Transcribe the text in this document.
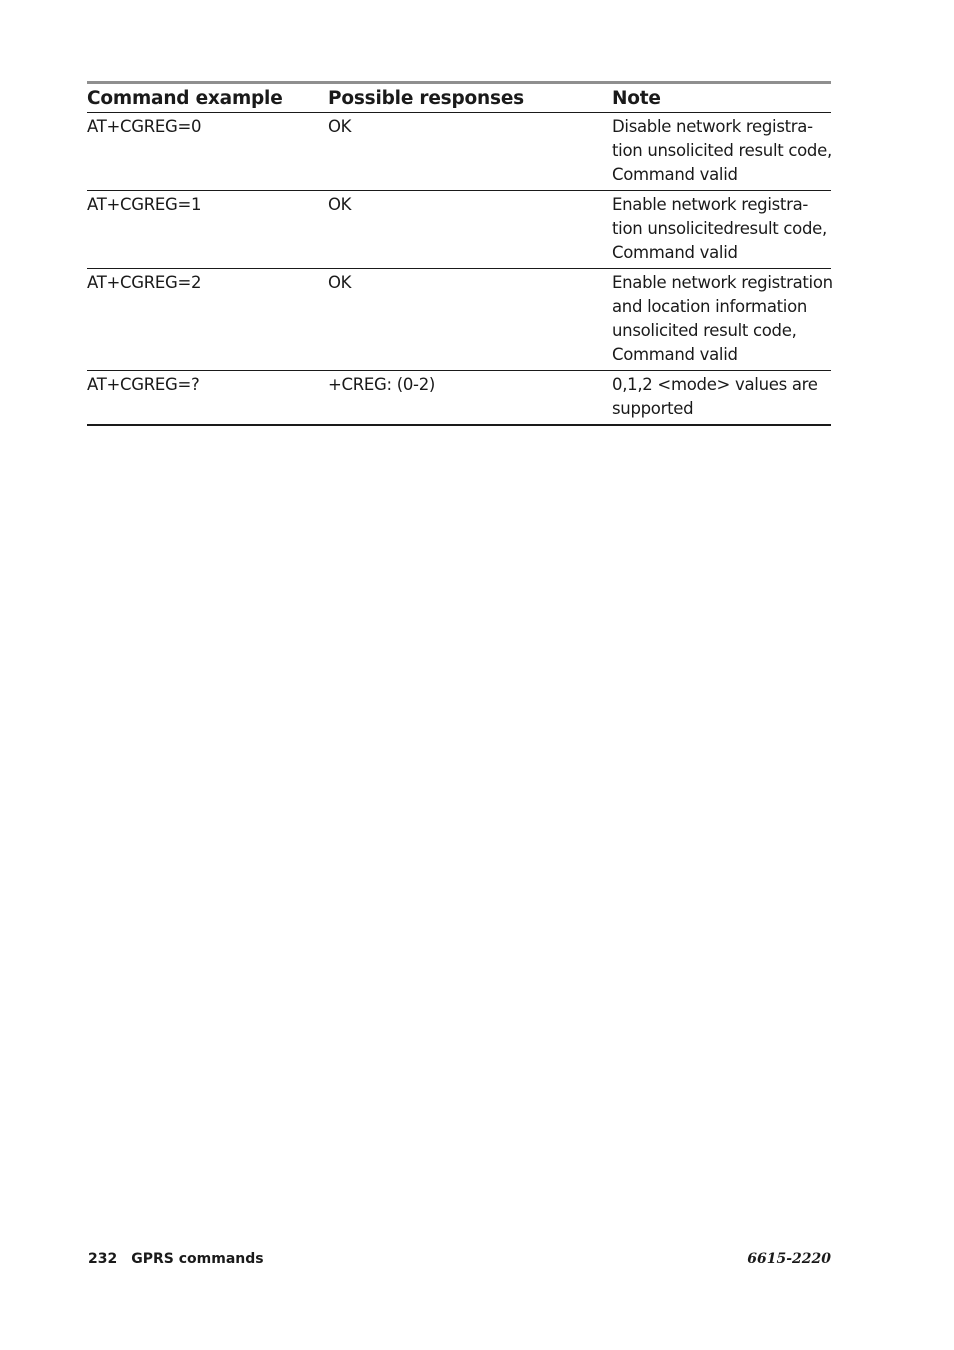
Command example	Possible responses	Note
AT+CGREG=0	OK	Disable network registra-
tion unsolicited result code,
Command valid
AT+CGREG=1	OK	Enable network registra-
tion unsolicitedresult code,
Command valid
AT+CGREG=2	OK	Enable network registration
and location information
unsolicited result code,
Command valid
AT+CGREG=?	+CREG: (0-2)	0,1,2 <mode> values are
supported
232 GPRS commands	6615-2220
